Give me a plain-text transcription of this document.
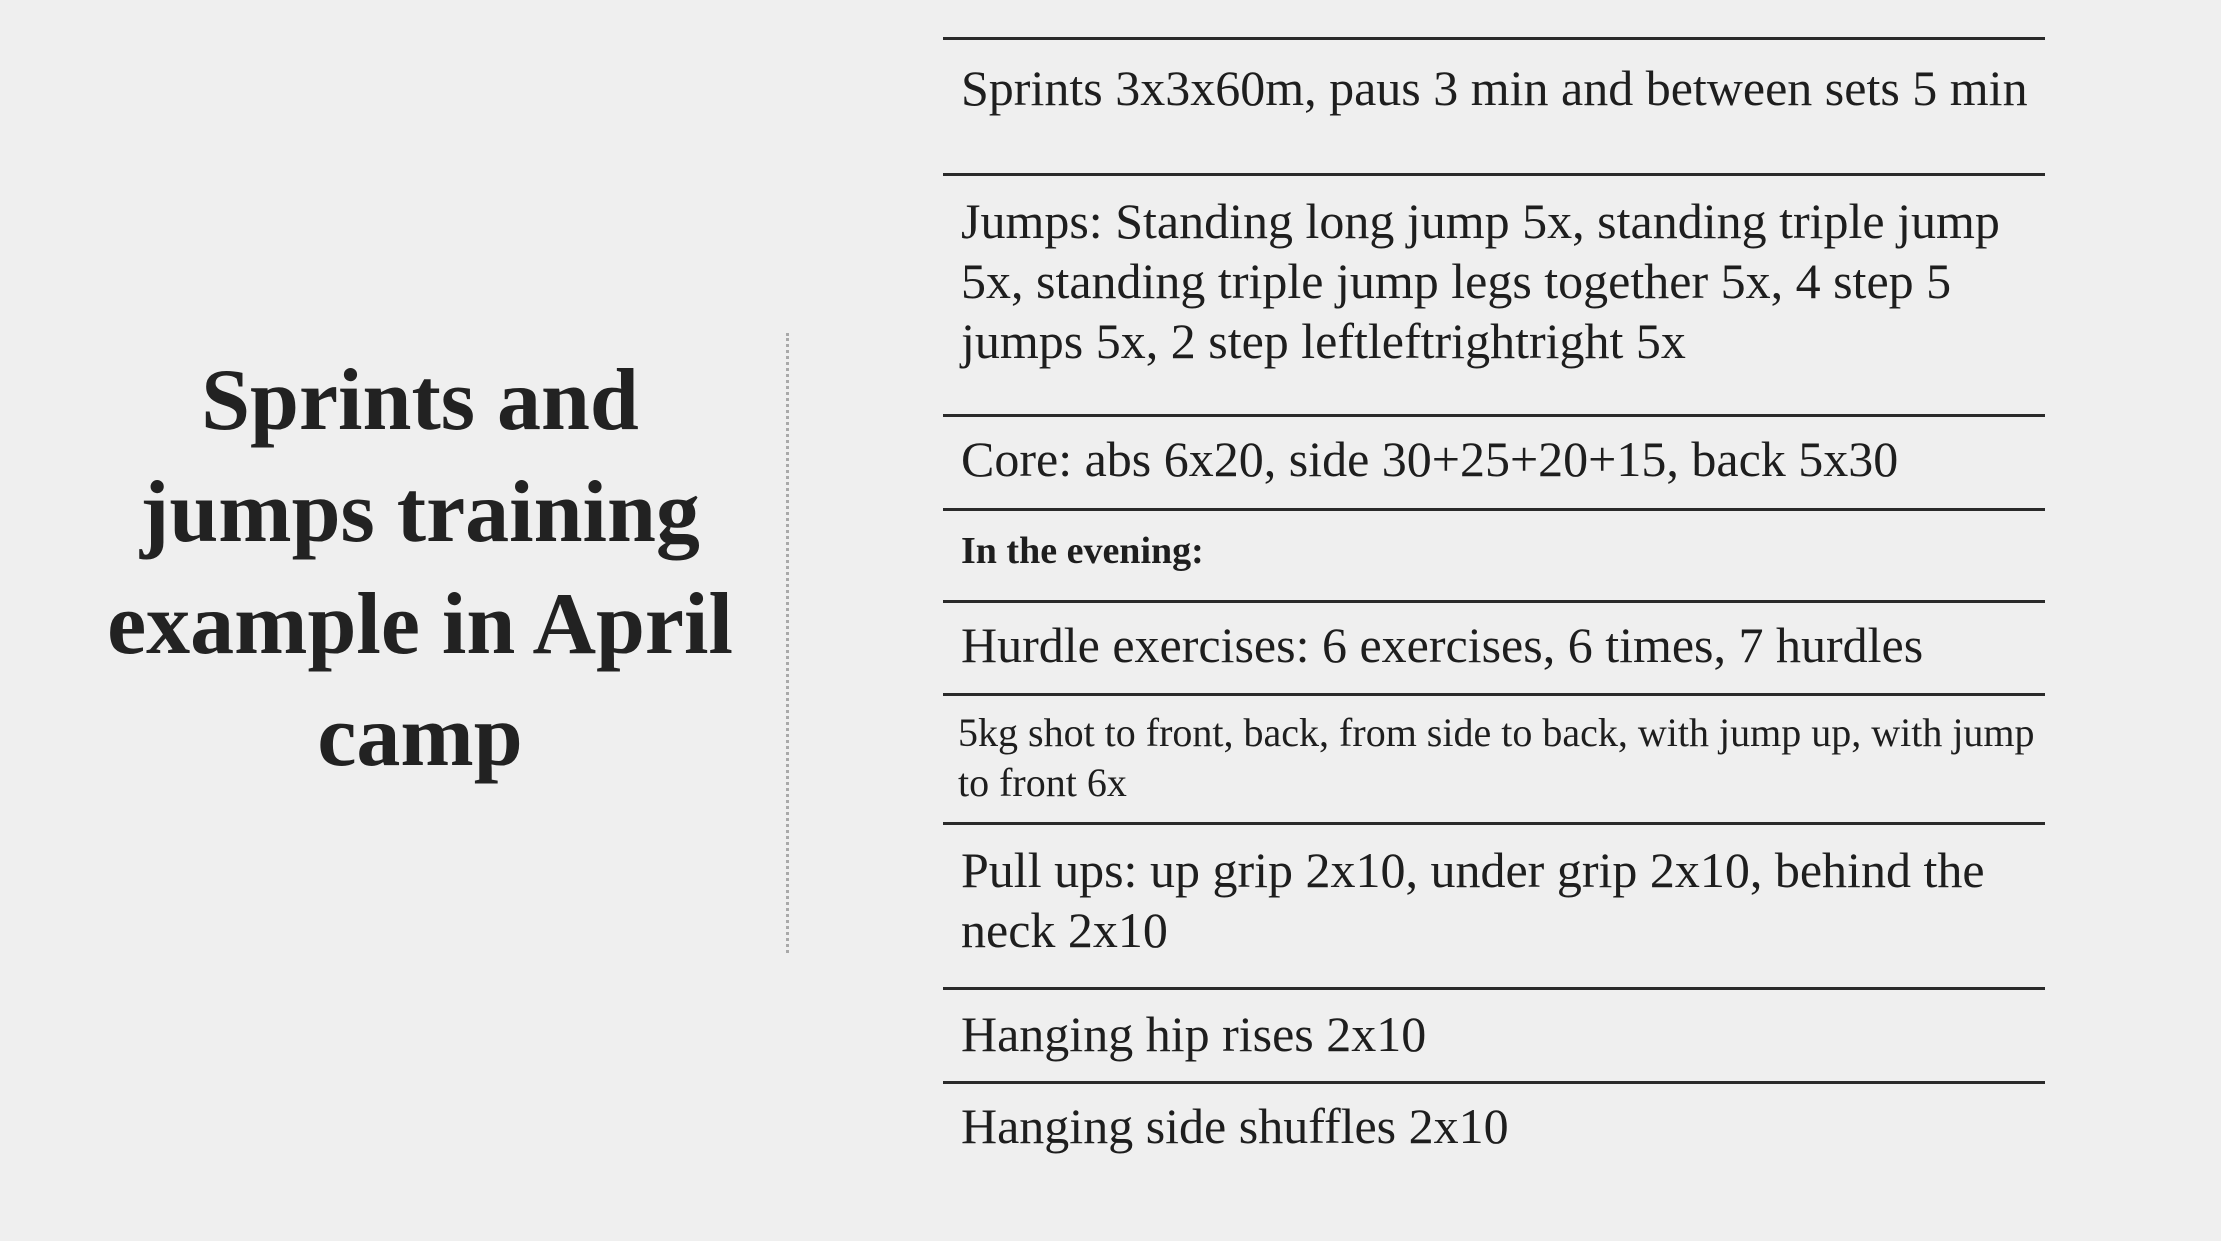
Sprints and jumps training example in April camp
Sprints 3x3x60m, paus 3 min and between sets 5 min
Jumps: Standing long jump 5x, standing triple jump 5x, standing triple jump legs together 5x, 4 step 5 jumps 5x, 2 step leftleftrightright 5x
Core: abs 6x20, side 30+25+20+15, back 5x30
In the evening:
Hurdle exercises: 6 exercises, 6 times, 7 hurdles
5kg shot to front, back, from side to back, with jump up, with jump to front 6x
Pull ups: up grip 2x10, under grip 2x10, behind the neck 2x10
Hanging hip rises 2x10
Hanging side shuffles 2x10
